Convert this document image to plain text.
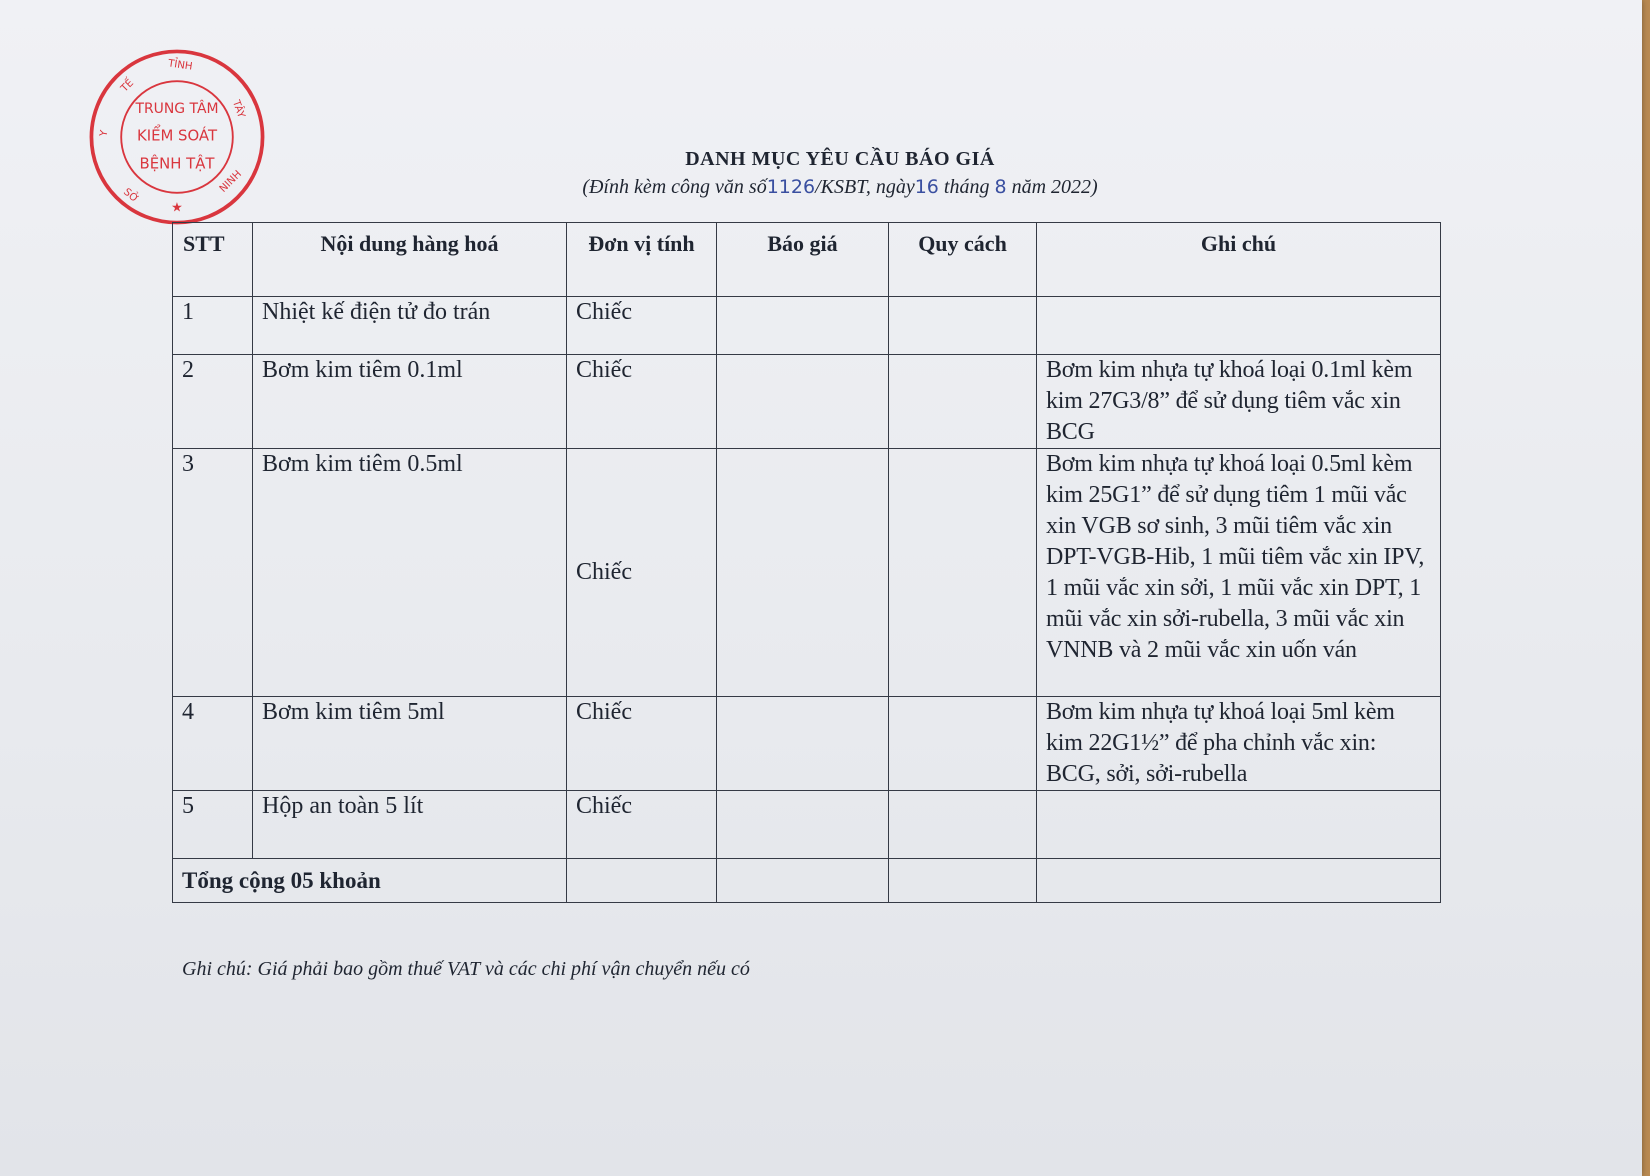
SỞ
Y
TẾ
TỈNH
TÂY
NINH
TRUNG TÂM
KIỂM SOÁT
BỆNH TẬT
★
DANH MỤC YÊU CẦU BÁO GIÁ
(Đính kèm công văn số1126/KSBT, ngày16 tháng 8 năm 2022)
STT	Nội dung hàng hoá	Đơn vị tính	Báo giá	Quy cách	Ghi chú
1	Nhiệt kế điện tử đo trán	Chiếc			
2	Bơm kim tiêm 0.1ml	Chiếc			Bơm kim nhựa tự khoá loại 0.1ml kèm kim 27G3/8” để sử dụng tiêm vắc xin BCG
3	Bơm kim tiêm 0.5ml	Chiếc			Bơm kim nhựa tự khoá loại 0.5ml kèm kim 25G1” để sử dụng tiêm 1 mũi vắc xin VGB sơ sinh, 3 mũi tiêm vắc xin DPT-VGB-Hib, 1 mũi tiêm vắc xin IPV, 1 mũi vắc xin sởi, 1 mũi vắc xin DPT, 1 mũi vắc xin sởi-rubella, 3 mũi vắc xin VNNB và 2 mũi vắc xin uốn ván
4	Bơm kim tiêm 5ml	Chiếc			Bơm kim nhựa tự khoá loại 5ml kèm kim 22G1½” để pha chỉnh vắc xin: BCG, sởi, sởi-rubella
5	Hộp an toàn 5 lít	Chiếc			
Tổng cộng 05 khoản					
Ghi chú: Giá phải bao gồm thuế VAT và các chi phí vận chuyển nếu có
